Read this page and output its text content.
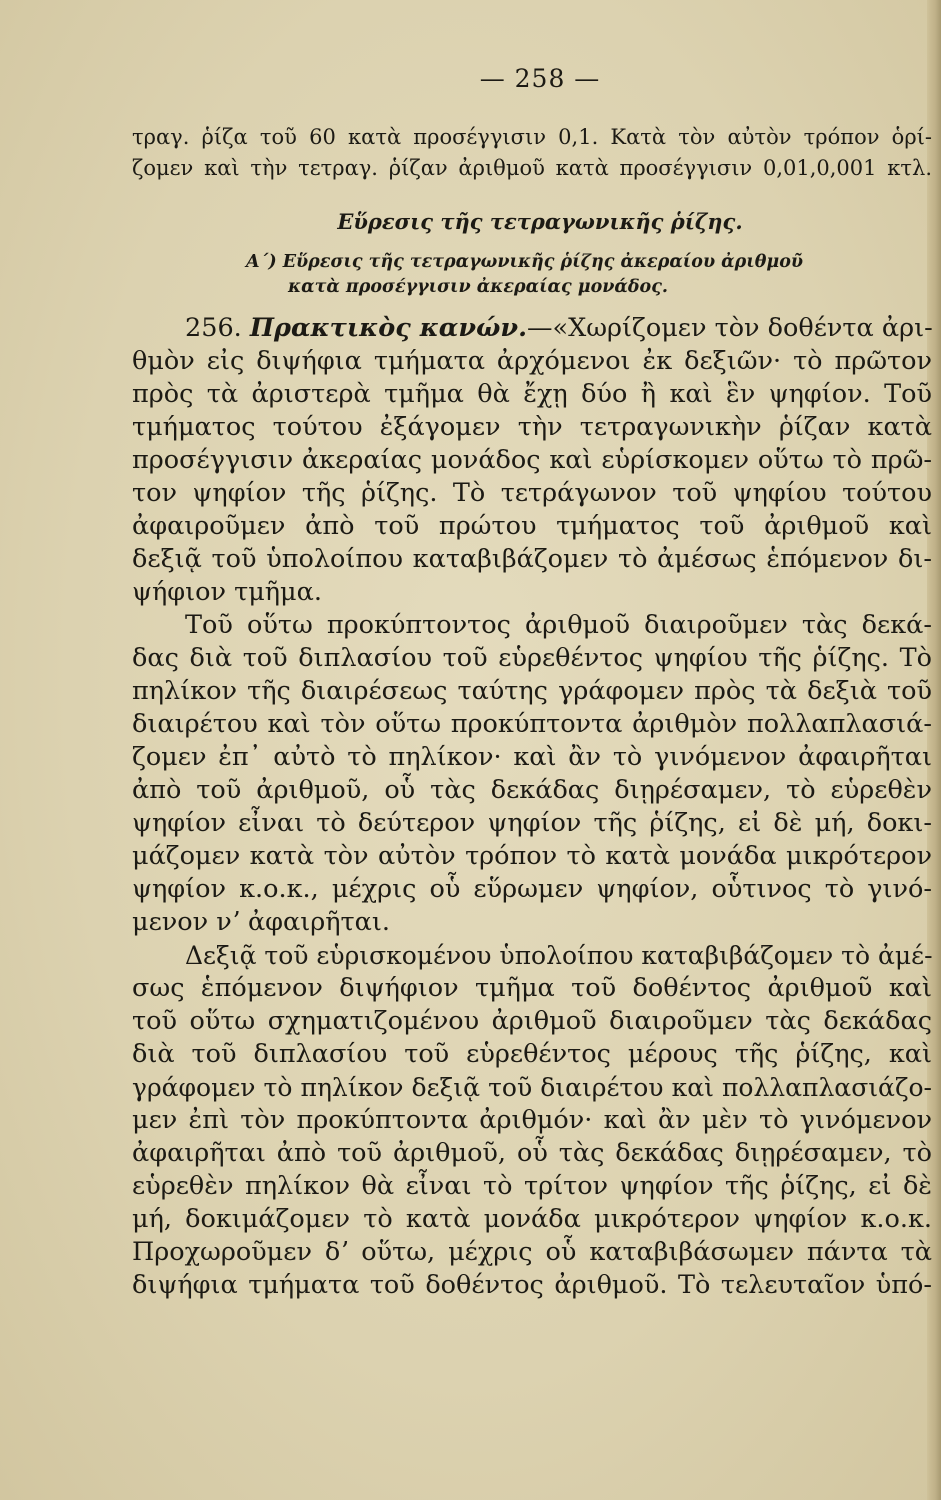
— 258 —
τραγ. ῥίζα τοῦ 60 κατὰ προσέγγισιν 0,1. Κατὰ τὸν αὐτὸν τρόπον ὁρί-
ζομεν καὶ τὴν τετραγ. ῥίζαν ἀριθμοῦ κατὰ προσέγγισιν 0,01,0,001 κτλ.
Εὕρεσις τῆς τετραγωνικῆς ῥίζης.
Α΄) Εὕρεσις τῆς τετραγωνικῆς ῥίζης ἀκεραίου ἀριθμοῦ
κατὰ προσέγγισιν ἀκεραίας μονάδος.
256. Πρακτικὸς κανών.—«Χωρίζομεν τὸν δοθέντα ἀρι-
θμὸν εἰς διψήφια τμήματα ἀρχόμενοι ἐκ δεξιῶν· τὸ πρῶτον
πρὸς τὰ ἀριστερὰ τμῆμα θὰ ἔχῃ δύο ἢ καὶ ἓν ψηφίον. Τοῦ
τμήματος τούτου ἐξάγομεν τὴν τετραγωνικὴν ῥίζαν κατὰ
προσέγγισιν ἀκεραίας μονάδος καὶ εὑρίσκομεν οὕτω τὸ πρῶ-
τον ψηφίον τῆς ῥίζης. Τὸ τετράγωνον τοῦ ψηφίου τούτου
ἀφαιροῦμεν ἀπὸ τοῦ πρώτου τμήματος τοῦ ἀριθμοῦ καὶ
δεξιᾷ τοῦ ὑπολοίπου καταβιβάζομεν τὸ ἀμέσως ἑπόμενον δι-
ψήφιον τμῆμα.
Τοῦ οὕτω προκύπτοντος ἀριθμοῦ διαιροῦμεν τὰς δεκά-
δας διὰ τοῦ διπλασίου τοῦ εὑρεθέντος ψηφίου τῆς ῥίζης. Τὸ
πηλίκον τῆς διαιρέσεως ταύτης γράφομεν πρὸς τὰ δεξιὰ τοῦ
διαιρέτου καὶ τὸν οὕτω προκύπτοντα ἀριθμὸν πολλαπλασιά-
ζομεν ἐπ᾽ αὐτὸ τὸ πηλίκον· καὶ ἂν τὸ γινόμενον ἀφαιρῆται
ἀπὸ τοῦ ἀριθμοῦ, οὗ τὰς δεκάδας διῃρέσαμεν, τὸ εὑρεθὲν
ψηφίον εἶναι τὸ δεύτερον ψηφίον τῆς ῥίζης, εἰ δὲ μή, δοκι-
μάζομεν κατὰ τὸν αὐτὸν τρόπον τὸ κατὰ μονάδα μικρότερον
ψηφίον κ.ο.κ., μέχρις οὗ εὕρωμεν ψηφίον, οὗτινος τὸ γινό-
μενον νʼ ἀφαιρῆται.
Δεξιᾷ τοῦ εὑρισκομένου ὑπολοίπου καταβιβάζομεν τὸ ἀμέ-
σως ἑπόμενον διψήφιον τμῆμα τοῦ δοθέντος ἀριθμοῦ καὶ
τοῦ οὕτω σχηματιζομένου ἀριθμοῦ διαιροῦμεν τὰς δεκάδας
διὰ τοῦ διπλασίου τοῦ εὑρεθέντος μέρους τῆς ῥίζης, καὶ
γράφομεν τὸ πηλίκον δεξιᾷ τοῦ διαιρέτου καὶ πολλαπλασιάζο-
μεν ἐπὶ τὸν προκύπτοντα ἀριθμόν· καὶ ἂν μὲν τὸ γινόμενον
ἀφαιρῆται ἀπὸ τοῦ ἀριθμοῦ, οὗ τὰς δεκάδας διῃρέσαμεν, τὸ
εὑρεθὲν πηλίκον θὰ εἶναι τὸ τρίτον ψηφίον τῆς ῥίζης, εἰ δὲ
μή, δοκιμάζομεν τὸ κατὰ μονάδα μικρότερον ψηφίον κ.ο.κ.
Προχωροῦμεν δʼ οὕτω, μέχρις οὗ καταβιβάσωμεν πάντα τὰ
διψήφια τμήματα τοῦ δοθέντος ἀριθμοῦ. Τὸ τελευταῖον ὑπό-
